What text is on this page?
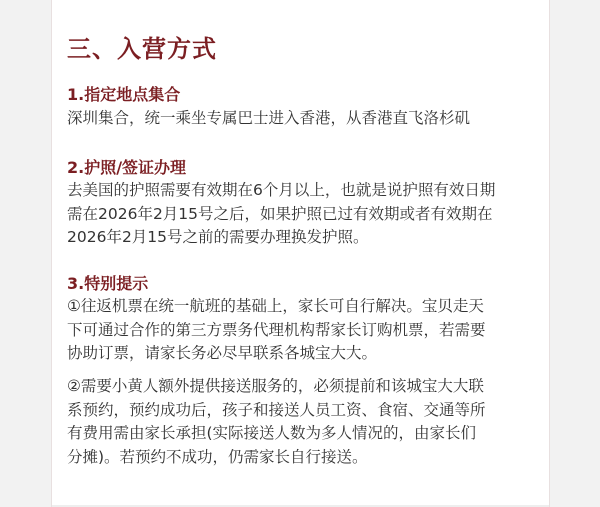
三、入营方式
1.指定地点集合

深圳集合，统一乘坐专属巴士进入香港，从香港直飞洛杉矶

2.护照/签证办理

去美国的护照需要有效期在6个月以上，也就是说护照有效日期
需在2026年2月15号之后，如果护照已过有效期或者有效期在
2026年2月15号之前的需要办理换发护照。

3.特别提示

①往返机票在统一航班的基础上，家长可自行解决。宝贝走天
下可通过合作的第三方票务代理机构帮家长订购机票，若需要
协助订票，请家长务必尽早联系各城宝大大。

②需要小黄人额外提供接送服务的，必须提前和该城宝大大联
系预约，预约成功后，孩子和接送人员工资、食宿、交通等所
有费用需由家长承担(实际接送人数为多人情况的，由家长们
分摊)。若预约不成功，仍需家长自行接送。
